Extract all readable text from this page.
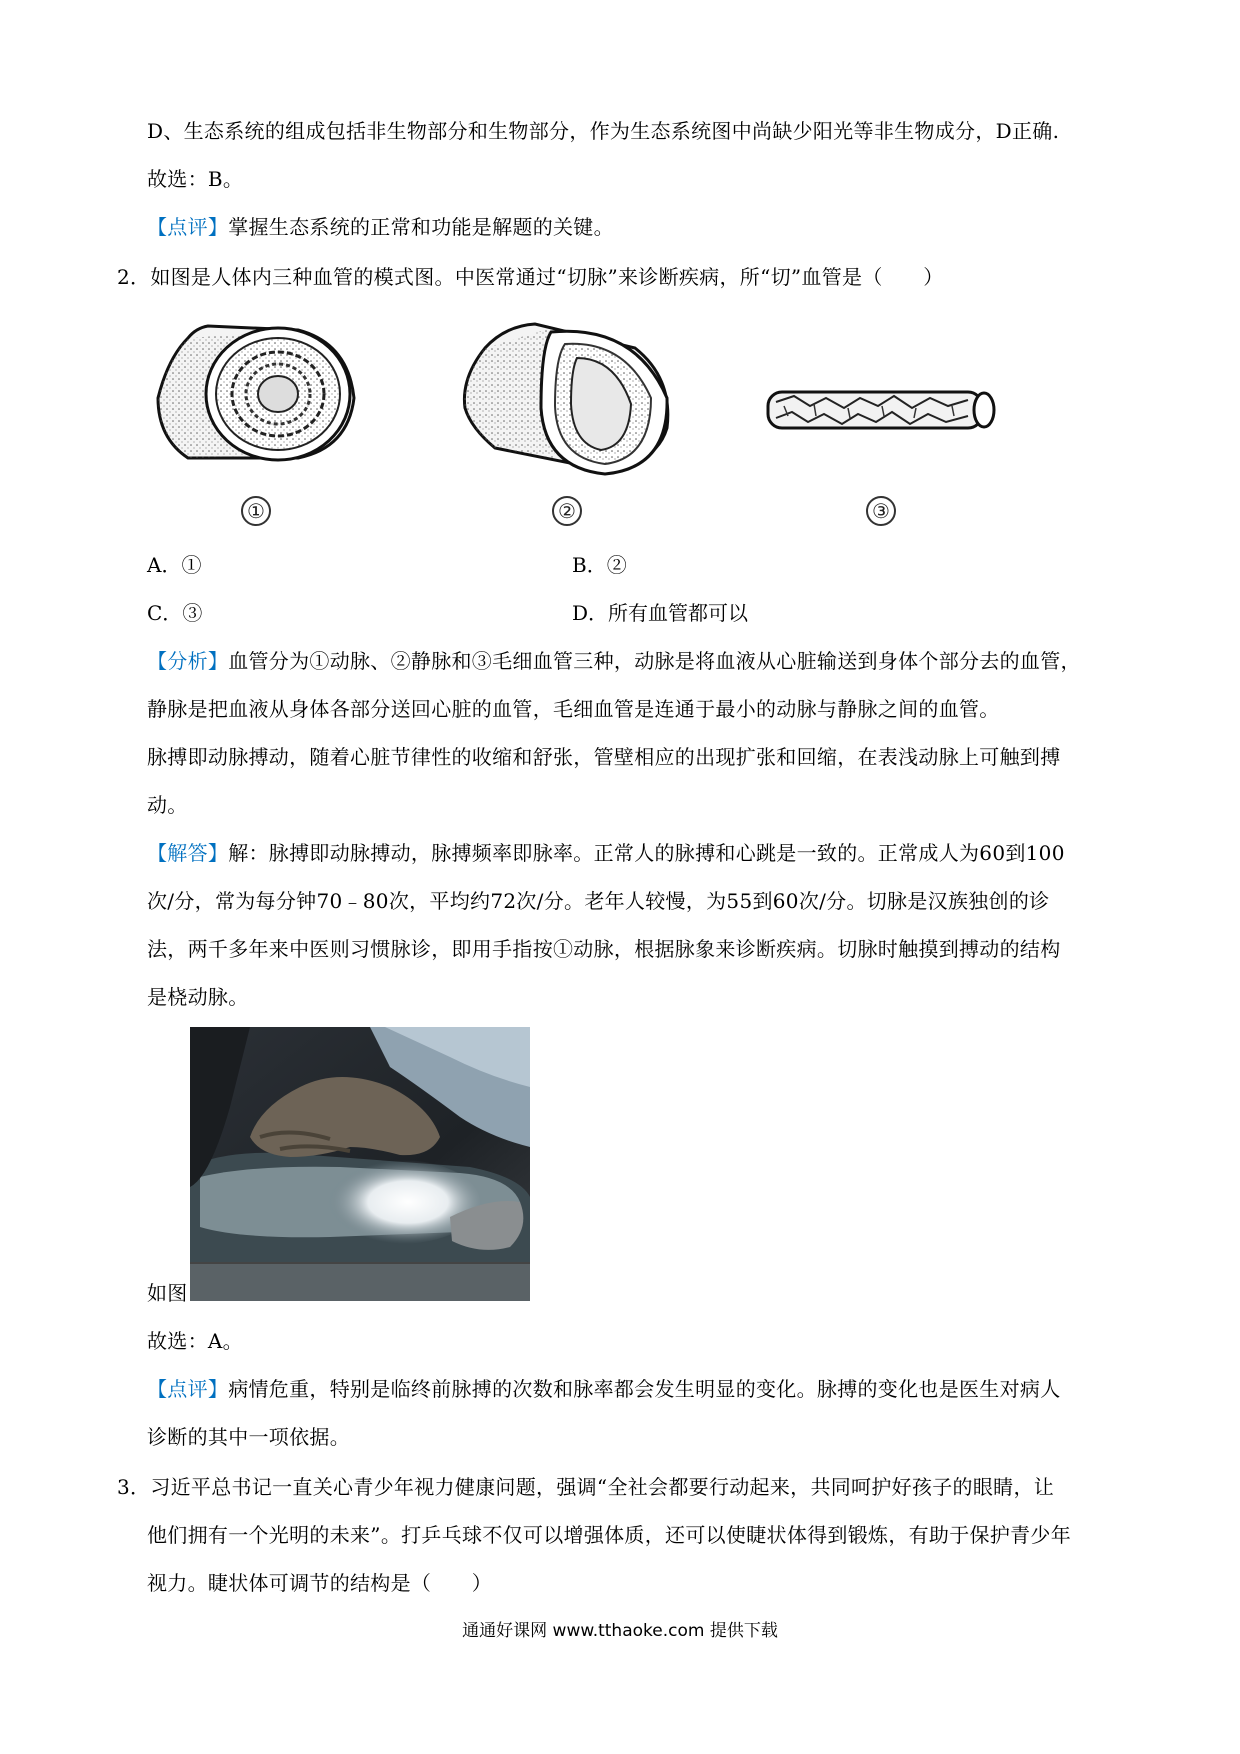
D、生态系统的组成包括非生物部分和生物部分，作为生态系统图中尚缺少阳光等非生物成分，D正确.
故选：B。
【点评】掌握生态系统的正常和功能是解题的关键。
2．如图是人体内三种血管的模式图。中医常通过“切脉”来诊断疾病，所“切”血管是（　　）
①	②	③
A．①	B．②
C．③	D．所有血管都可以
【分析】血管分为①动脉、②静脉和③毛细血管三种，动脉是将血液从心脏输送到身体个部分去的血管，
静脉是把血液从身体各部分送回心脏的血管，毛细血管是连通于最小的动脉与静脉之间的血管。
脉搏即动脉搏动，随着心脏节律性的收缩和舒张，管壁相应的出现扩张和回缩，在表浅动脉上可触到搏
动。
【解答】解：脉搏即动脉搏动，脉搏频率即脉率。正常人的脉搏和心跳是一致的。正常成人为60到100
次/分，常为每分钟70﹣80次，平均约72次/分。老年人较慢，为55到60次/分。切脉是汉族独创的诊
法，两千多年来中医则习惯脉诊，即用手指按①动脉，根据脉象来诊断疾病。切脉时触摸到搏动的结构
是桡动脉。
如图
故选：A。
【点评】病情危重，特别是临终前脉搏的次数和脉率都会发生明显的变化。脉搏的变化也是医生对病人
诊断的其中一项依据。
3．习近平总书记一直关心青少年视力健康问题，强调“全社会都要行动起来，共同呵护好孩子的眼睛，让
他们拥有一个光明的未来”。打乒乓球不仅可以增强体质，还可以使睫状体得到锻炼，有助于保护青少年
视力。睫状体可调节的结构是（　　）
通通好课网 www.tthaoke.com 提供下载
